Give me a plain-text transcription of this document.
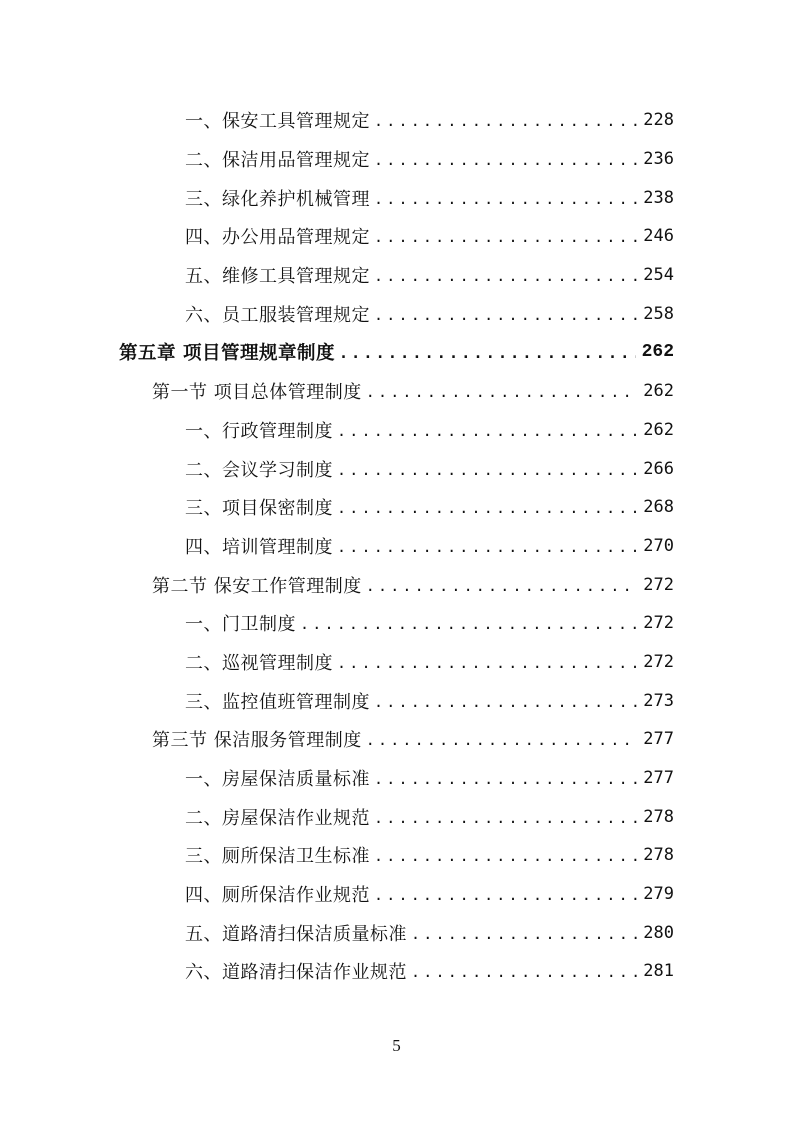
一、保安工具管理规定 .....	228
二、保洁用品管理规定 .....	236
三、绿化养护机械管理 .....	238
四、办公用品管理规定 .....	246
五、维修工具管理规定 .....	254
六、员工服装管理规定 .....	258
第五章 项目管理规章制度 .....	262
第一节 项目总体管理制度 .....	262
一、行政管理制度 .....	262
二、会议学习制度 .....	266
三、项目保密制度 .....	268
四、培训管理制度 .....	270
第二节 保安工作管理制度 .....	272
一、门卫制度 .....	272
二、巡视管理制度 .....	272
三、监控值班管理制度 .....	273
第三节 保洁服务管理制度 .....	277
一、房屋保洁质量标准 .....	277
二、房屋保洁作业规范 .....	278
三、厕所保洁卫生标准 .....	278
四、厕所保洁作业规范 .....	279
五、道路清扫保洁质量标准 .....	280
六、道路清扫保洁作业规范 .....	281
5
